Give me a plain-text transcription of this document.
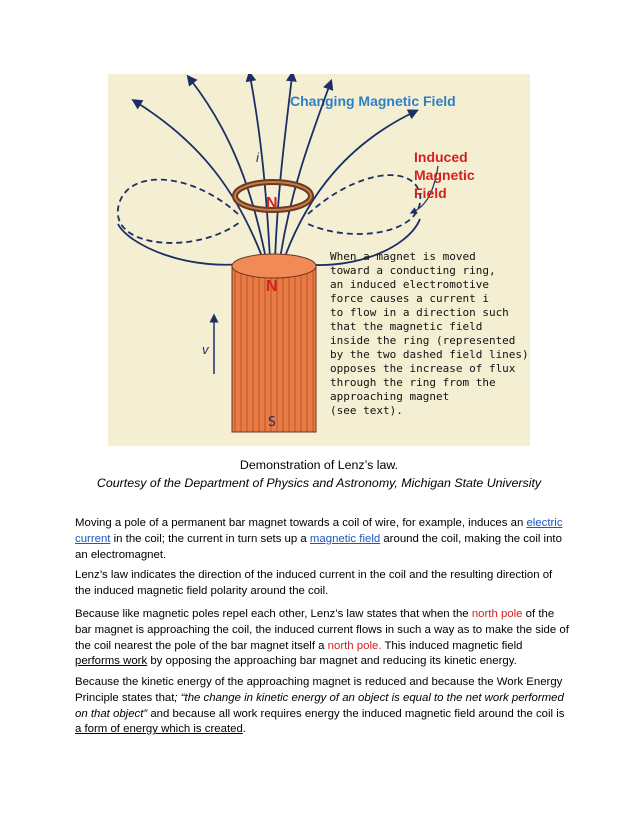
Changing Magnetic Field
N
i
N
S
v
Induced
Magnetic
Field
When a magnet is moved
toward a conducting ring,
an induced electromotive
force causes a current i
to flow in a direction such
that the magnetic field
inside the ring (represented
by the two dashed field lines)
opposes the increase of flux
through the ring from the
approaching magnet
(see text).
Demonstration of Lenz’s law.
Courtesy of the Department of Physics and Astronomy, Michigan State University

Moving a pole of a permanent bar magnet towards a coil of wire, for example, induces an electric current in the coil; the current in turn sets up a magnetic field around the coil, making the coil into an electromagnet.

Lenz’s law indicates the direction of the induced current in the coil and the resulting direction of the induced magnetic field polarity around the coil.

Because like magnetic poles repel each other, Lenz’s law states that when the north pole of the bar magnet is approaching the coil, the induced current flows in such a way as to make the side of the coil nearest the pole of the bar magnet itself a north pole. This induced magnetic field performs work by opposing the approaching bar magnet and reducing its kinetic energy.

Because the kinetic energy of the approaching magnet is reduced and because the Work Energy Principle states that; “the change in kinetic energy of an object is equal to the net work performed on that object” and because all work requires energy the induced magnetic field around the coil is a form of energy which is created.
